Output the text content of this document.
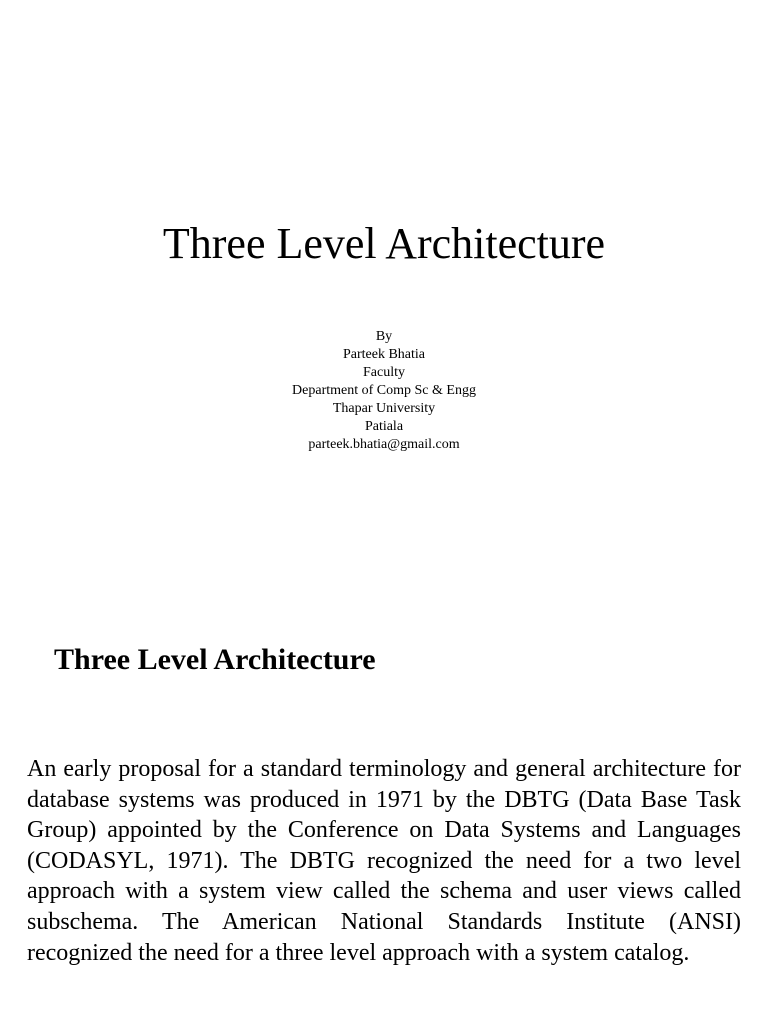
Three Level Architecture
By
Parteek Bhatia
Faculty
Department of Comp Sc & Engg
Thapar University
Patiala
parteek.bhatia@gmail.com
Three Level Architecture

An early proposal for a standard terminology and general architecture for database systems was produced in 1971 by the DBTG (Data Base Task Group) appointed by the Conference on Data Systems and Languages (CODASYL, 1971). The DBTG recognized the need for a two level approach with a system view called the schema and user views called subschema. The American National Standards Institute (ANSI) recognized the need for a three level approach with a system catalog.
